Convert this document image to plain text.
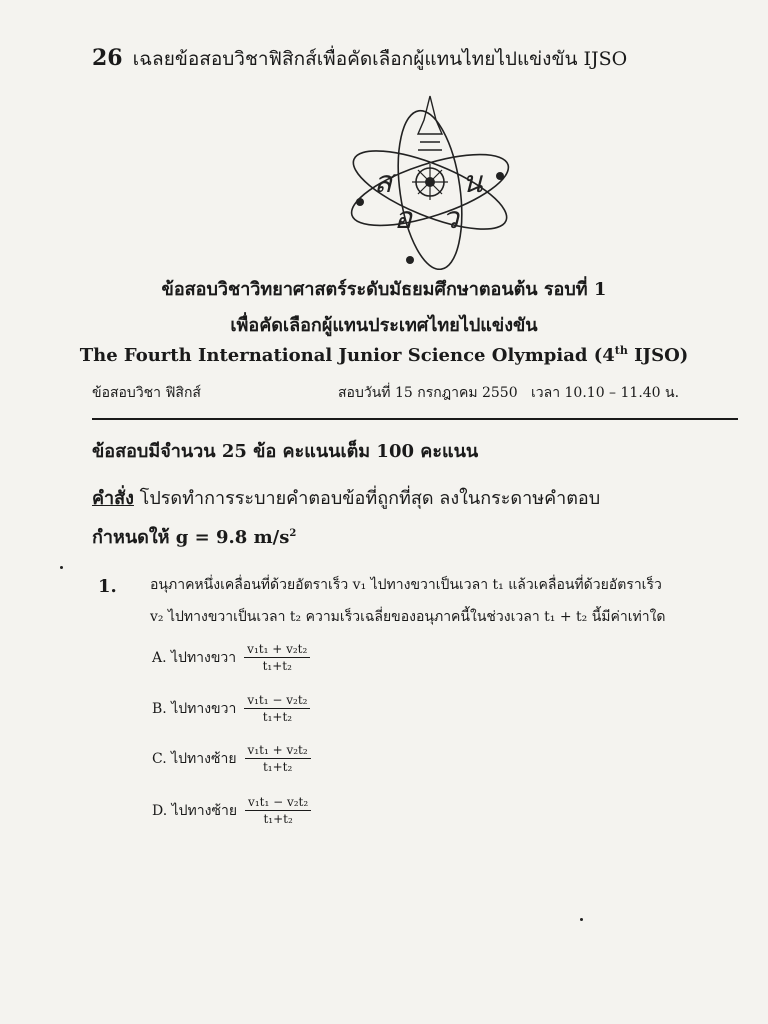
26 เฉลยข้อสอบวิชาฟิสิกส์เพื่อคัดเลือกผู้แทนไทยไปแข่งขัน IJSO
ส น
อ ว
ข้อสอบวิชาวิทยาศาสตร์ระดับมัธยมศึกษาตอนต้น รอบที่ 1
เพื่อคัดเลือกผู้แทนประเทศไทยไปแข่งขัน
The Fourth International Junior Science Olympiad (4th IJSO)
ข้อสอบวิชา ฟิสิกส์	สอบวันที่ 15 กรกฎาคม 2550 เวลา 10.10 – 11.40 น.
ข้อสอบมีจำนวน 25 ข้อ คะแนนเต็ม 100 คะแนน
คำสั่ง โปรดทำการระบายคำตอบข้อที่ถูกที่สุด ลงในกระดาษคำตอบ
กำหนดให้ g = 9.8 $m/s^2$
1. อนุภาคหนึ่งเคลื่อนที่ด้วยอัตราเร็ว v₁ ไปทางขวาเป็นเวลา t₁ แล้วเคลื่อนที่ด้วยอัตราเร็ว
v₂ ไปทางขวาเป็นเวลา t₂ ความเร็วเฉลี่ยของอนุภาคนี้ในช่วงเวลา t₁ + t₂ นี้มีค่าเท่าใด
A. ไปทางขวา $\frac{\text{v₁t₁ + v₂t₂}}{\text{t₁+t₂}}$
B. ไปทางขวา $\frac{\text{v₁t₁ − v₂t₂}}{\text{t₁+t₂}}$
C. ไปทางซ้าย $\frac{\text{v₁t₁ + v₂t₂}}{\text{t₁+t₂}}$
D. ไปทางซ้าย $\frac{\text{v₁t₁ − v₂t₂}}{\text{t₁+t₂}}$
